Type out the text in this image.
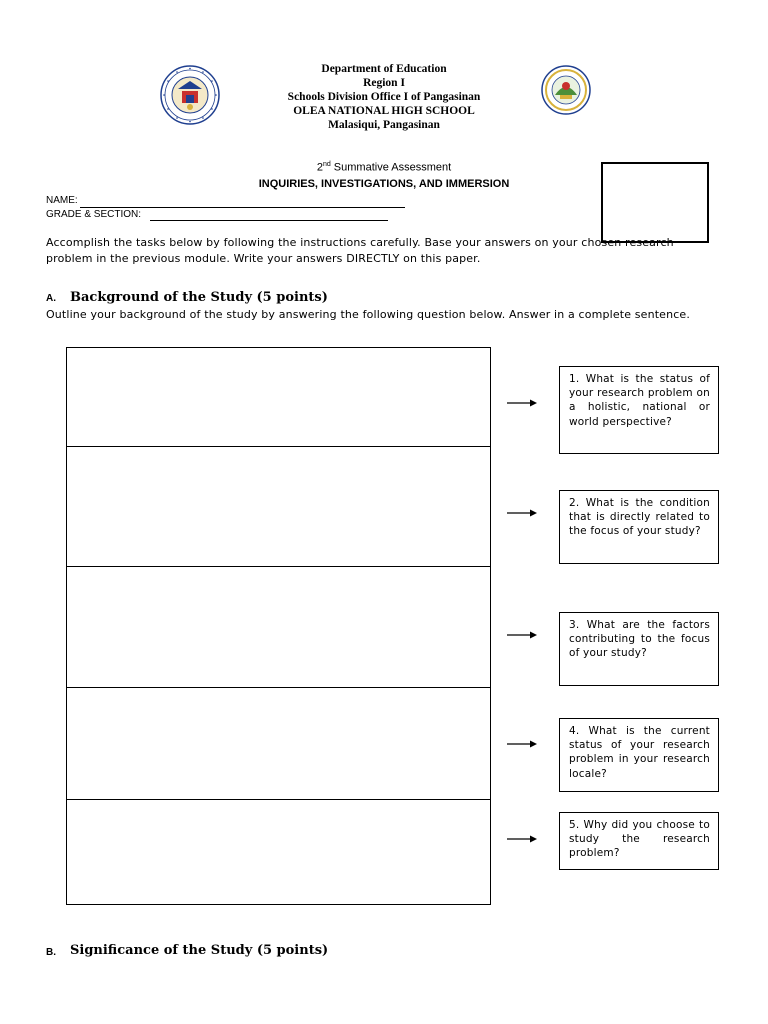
Department of Education
Region I
Schools Division Office I of Pangasinan
OLEA NATIONAL HIGH SCHOOL
Malasiqui, Pangasinan
2nd Summative Assessment
INQUIRIES, INVESTIGATIONS, AND IMMERSION
NAME:
GRADE & SECTION:
Accomplish the tasks below by following the instructions carefully. Base your answers on your chosen research problem in the previous module. Write your answers DIRECTLY on this paper.
A. Background of the Study (5 points)
Outline your background of the study by answering the following question below. Answer in a complete sentence.
1. What is the status of your research problem on a holistic, national or world perspective?
2. What is the condition that is directly related to the focus of your study?
3. What are the factors contributing to the focus of your study?
4. What is the current status of your research problem in your research locale?
5. Why did you choose to study the research problem?
B. Significance of the Study (5 points)
